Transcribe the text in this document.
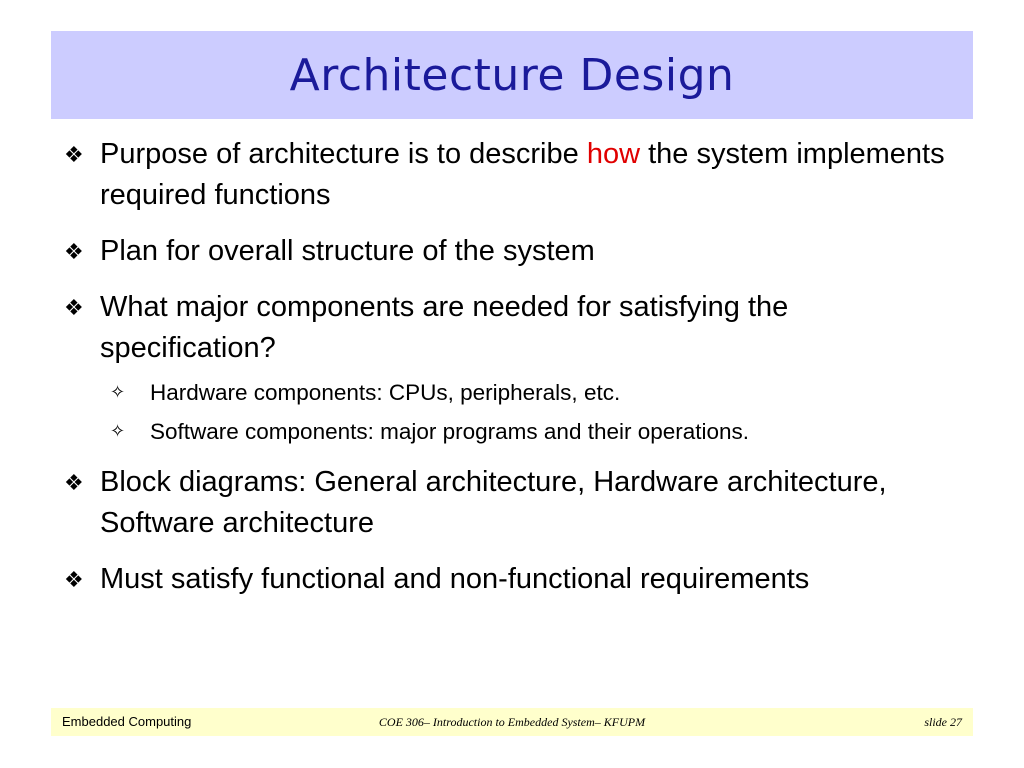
Architecture Design
❖ Purpose of architecture is to describe how the system implements required functions
❖ Plan for overall structure of the system
❖ What major components are needed for satisfying the specification?
✧ Hardware components: CPUs, peripherals, etc.
✧ Software components: major programs and their operations.
❖ Block diagrams: General architecture, Hardware architecture, Software architecture
❖ Must satisfy functional and non-functional requirements
Embedded Computing	COE 306– Introduction to Embedded System– KFUPM	slide 27
